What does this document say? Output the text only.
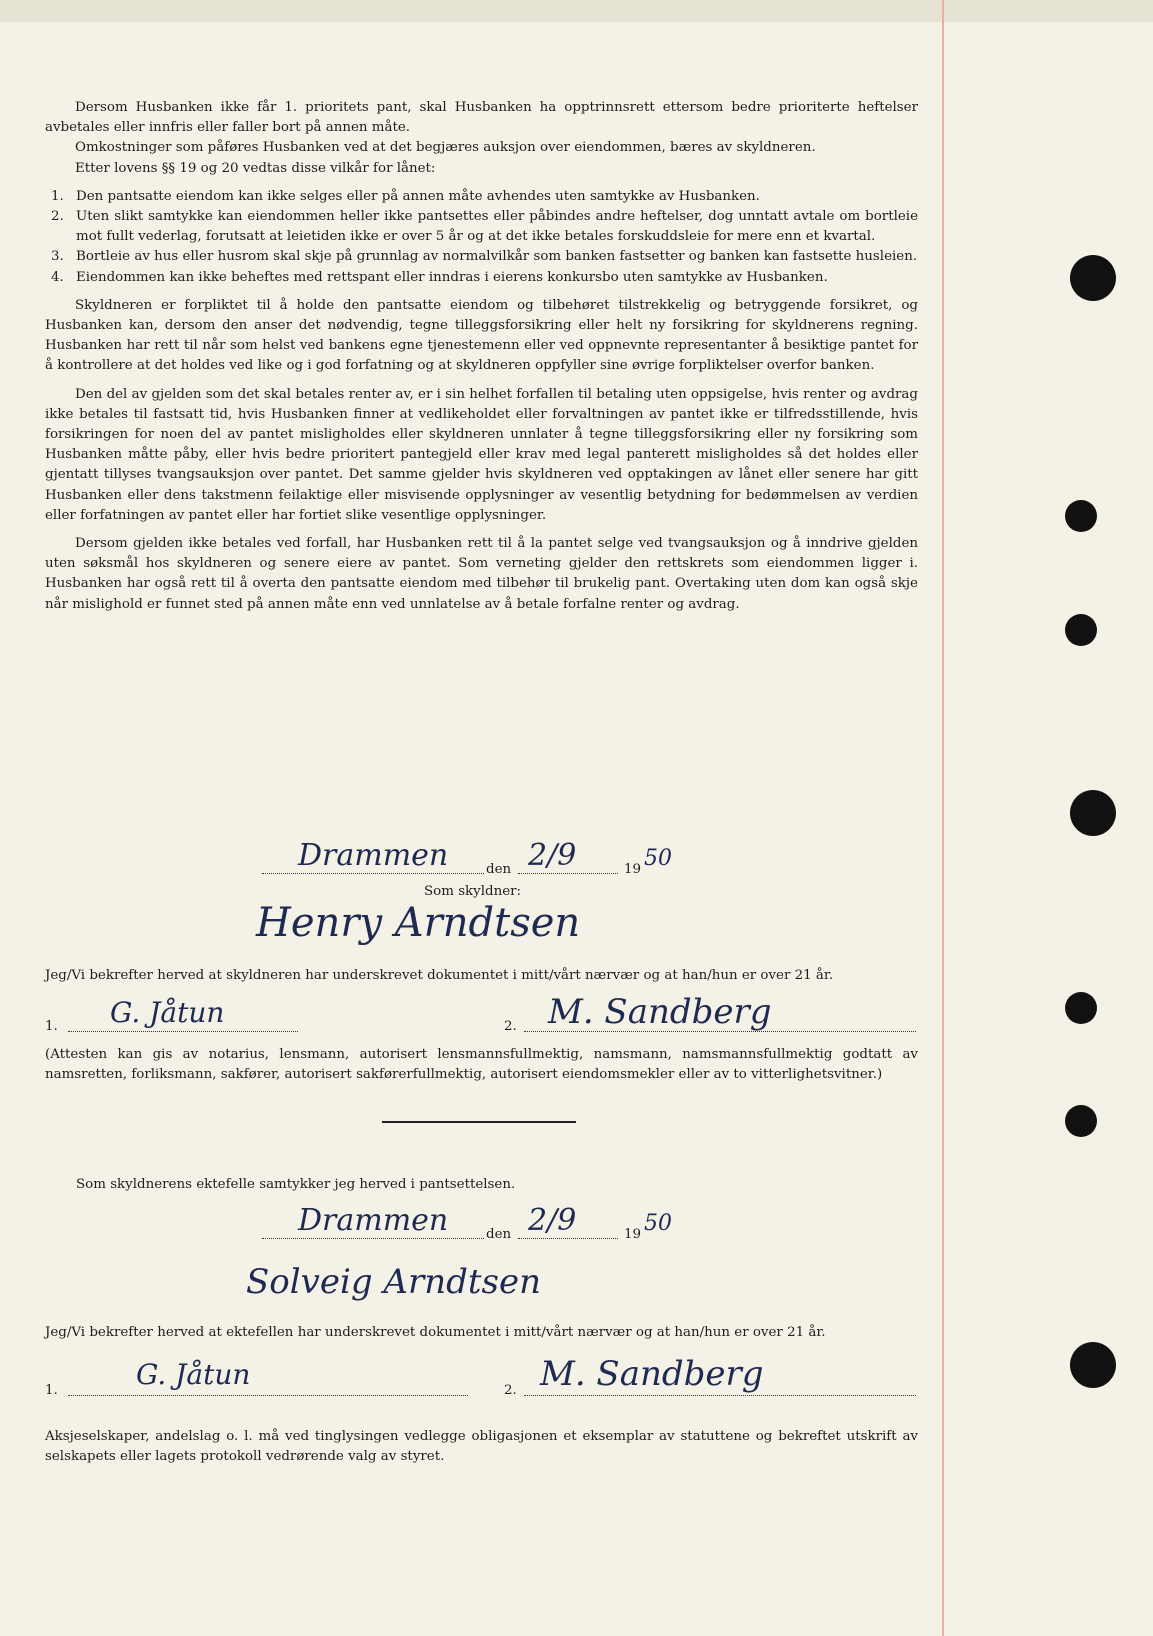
Dersom Husbanken ikke får 1. prioritets pant, skal Husbanken ha opptrinnsrett ettersom bedre prioriterte heftelser avbetales eller innfris eller faller bort på annen måte.

Omkostninger som påføres Husbanken ved at det begjæres auksjon over eiendommen, bæres av skyldneren.

Etter lovens §§ 19 og 20 vedtas disse vilkår for lånet:

1. Den pantsatte eiendom kan ikke selges eller på annen måte avhendes uten samtykke av Husbanken.
2. Uten slikt samtykke kan eiendommen heller ikke pantsettes eller påbindes andre heftelser, dog unntatt avtale om bortleie mot fullt vederlag, forutsatt at leietiden ikke er over 5 år og at det ikke betales forskuddsleie for mere enn et kvartal.
3. Bortleie av hus eller husrom skal skje på grunnlag av normalvilkår som banken fastsetter og banken kan fastsette husleien.
4. Eiendommen kan ikke beheftes med rettspant eller inndras i eierens konkursbo uten samtykke av Husbanken.

Skyldneren er forpliktet til å holde den pantsatte eiendom og tilbehøret tilstrekkelig og betryggende forsikret, og Husbanken kan, dersom den anser det nødvendig, tegne tilleggsforsikring eller helt ny forsikring for skyldnerens regning. Husbanken har rett til når som helst ved bankens egne tjenestemenn eller ved oppnevnte representanter å besiktige pantet for å kontrollere at det holdes ved like og i god forfatning og at skyldneren oppfyller sine øvrige forpliktelser overfor banken.

Den del av gjelden som det skal betales renter av, er i sin helhet forfallen til betaling uten oppsigelse, hvis renter og avdrag ikke betales til fastsatt tid, hvis Husbanken finner at vedlikeholdet eller forvaltningen av pantet ikke er tilfredsstillende, hvis forsikringen for noen del av pantet misligholdes eller skyldneren unnlater å tegne tilleggsforsikring eller ny forsikring som Husbanken måtte påby, eller hvis bedre prioritert pantegjeld eller krav med legal panterett misligholdes så det holdes eller gjentatt tillyses tvangsauksjon over pantet. Det samme gjelder hvis skyldneren ved opptakingen av lånet eller senere har gitt Husbanken eller dens takstmenn feilaktige eller misvisende opplysninger av vesentlig betydning for bedømmelsen av verdien eller forfatningen av pantet eller har fortiet slike vesentlige opplysninger.

Dersom gjelden ikke betales ved forfall, har Husbanken rett til å la pantet selge ved tvangsauksjon og å inndrive gjelden uten søksmål hos skyldneren og senere eiere av pantet. Som verneting gjelder den rettskrets som eiendommen ligger i. Husbanken har også rett til å overta den pantsatte eiendom med tilbehør til brukelig pant. Overtaking uten dom kan også skje når mislighold er funnet sted på annen måte enn ved unnlatelse av å betale forfalne renter og avdrag.

Drammen	den 2/9	19 50
Som skyldner:
Henry Arndtsen
Jeg/Vi bekrefter herved at skyldneren har underskrevet dokumentet i mitt/vårt nærvær og at han/hun er over 21 år.
1. G. Jåtun	2. M. Sandberg
(Attesten kan gis av notarius, lensmann, autorisert lensmannsfullmektig, namsmann, namsmannsfullmektig godtatt av namsretten, forliksmann, sakfører, autorisert sakførerfullmektig, autorisert eiendomsmekler eller av to vitterlighetsvitner.)
Som skyldnerens ektefelle samtykker jeg herved i pantsettelsen.
Drammen	den 2/9	19 50
Solveig Arndtsen
Jeg/Vi bekrefter herved at ektefellen har underskrevet dokumentet i mitt/vårt nærvær og at han/hun er over 21 år.
1.	G. Jåtun	2. M. Sandberg
Aksjeselskaper, andelslag o. l. må ved tinglysingen vedlegge obligasjonen et eksemplar av statuttene og bekreftet utskrift av selskapets eller lagets protokoll vedrørende valg av styret.
